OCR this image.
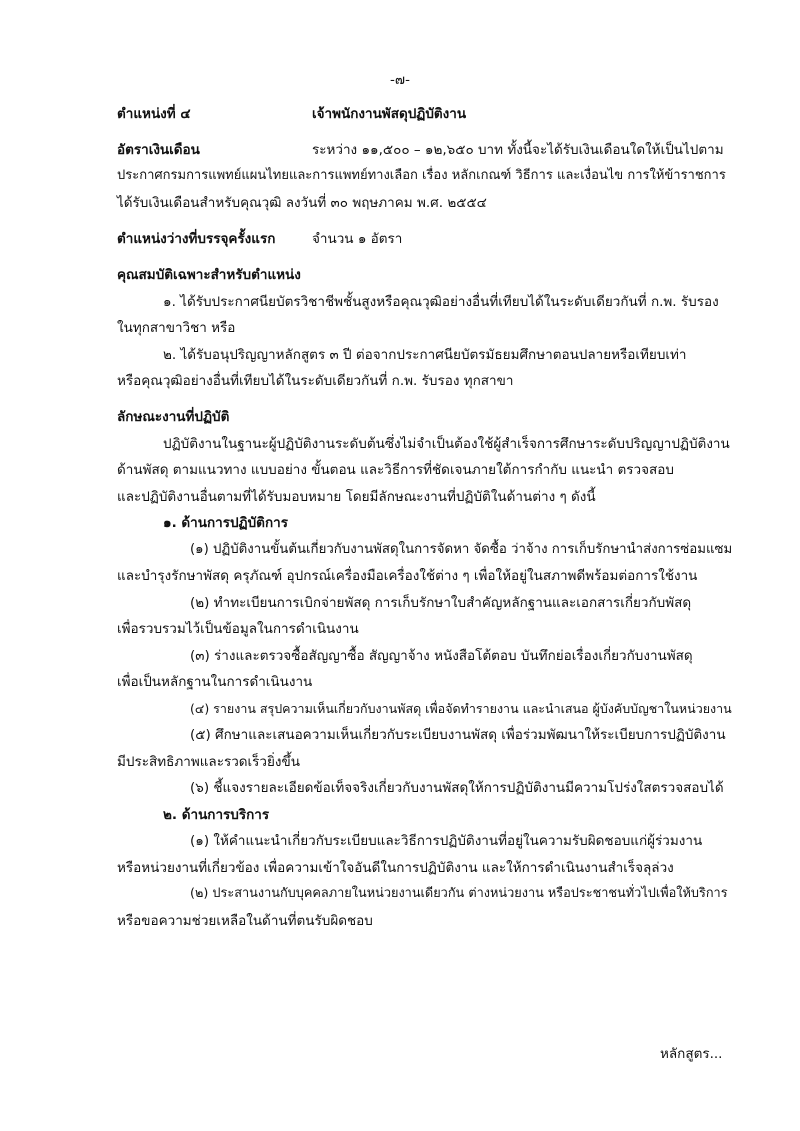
-๗-
ตำแหน่งที่ ๔	เจ้าพนักงานพัสดุปฏิบัติงาน
อัตราเงินเดือน	ระหว่าง ๑๑,๕๐๐ – ๑๒,๖๕๐ บาท ทั้งนี้จะได้รับเงินเดือนใดให้เป็นไปตาม
ประกาศกรมการแพทย์แผนไทยและการแพทย์ทางเลือก เรื่อง หลักเกณฑ์ วิธีการ และเงื่อนไข การให้ข้าราชการ
ได้รับเงินเดือนสำหรับคุณวุฒิ ลงวันที่ ๓๐ พฤษภาคม พ.ศ. ๒๕๕๔
ตำแหน่งว่างที่บรรจุครั้งแรก	จำนวน ๑ อัตรา
คุณสมบัติเฉพาะสำหรับตำแหน่ง
๑. ได้รับประกาศนียบัตรวิชาชีพชั้นสูงหรือคุณวุฒิอย่างอื่นที่เทียบได้ในระดับเดียวกันที่ ก.พ. รับรอง
ในทุกสาขาวิชา หรือ
๒. ได้รับอนุปริญญาหลักสูตร ๓ ปี ต่อจากประกาศนียบัตรมัธยมศึกษาตอนปลายหรือเทียบเท่า
หรือคุณวุฒิอย่างอื่นที่เทียบได้ในระดับเดียวกันที่ ก.พ. รับรอง ทุกสาขา
ลักษณะงานที่ปฏิบัติ
ปฏิบัติงานในฐานะผู้ปฏิบัติงานระดับต้นซึ่งไม่จำเป็นต้องใช้ผู้สำเร็จการศึกษาระดับปริญญาปฏิบัติงาน
ด้านพัสดุ ตามแนวทาง แบบอย่าง ขั้นตอน และวิธีการที่ชัดเจนภายใต้การกำกับ แนะนำ ตรวจสอบ
และปฏิบัติงานอื่นตามที่ได้รับมอบหมาย โดยมีลักษณะงานที่ปฏิบัติในด้านต่าง ๆ ดังนี้
๑. ด้านการปฏิบัติการ
(๑) ปฏิบัติงานขั้นต้นเกี่ยวกับงานพัสดุในการจัดหา จัดซื้อ ว่าจ้าง การเก็บรักษานำส่งการซ่อมแซม
และบำรุงรักษาพัสดุ ครุภัณฑ์ อุปกรณ์เครื่องมือเครื่องใช้ต่าง ๆ เพื่อให้อยู่ในสภาพดีพร้อมต่อการใช้งาน
(๒) ทำทะเบียนการเบิกจ่ายพัสดุ การเก็บรักษาใบสำคัญหลักฐานและเอกสารเกี่ยวกับพัสดุ
เพื่อรวบรวมไว้เป็นข้อมูลในการดำเนินงาน
(๓) ร่างและตรวจซื้อสัญญาซื้อ สัญญาจ้าง หนังสือโต้ตอบ บันทึกย่อเรื่องเกี่ยวกับงานพัสดุ
เพื่อเป็นหลักฐานในการดำเนินงาน
(๔) รายงาน สรุปความเห็นเกี่ยวกับงานพัสดุ เพื่อจัดทำรายงาน และนำเสนอ ผู้บังคับบัญชาในหน่วยงาน
(๕) ศึกษาและเสนอความเห็นเกี่ยวกับระเบียบงานพัสดุ เพื่อร่วมพัฒนาให้ระเบียบการปฏิบัติงาน
มีประสิทธิภาพและรวดเร็วยิ่งขึ้น
(๖) ชี้แจงรายละเอียดข้อเท็จจริงเกี่ยวกับงานพัสดุให้การปฏิบัติงานมีความโปร่งใสตรวจสอบได้
๒. ด้านการบริการ
(๑) ให้คำแนะนำเกี่ยวกับระเบียบและวิธีการปฏิบัติงานที่อยู่ในความรับผิดชอบแก่ผู้ร่วมงาน
หรือหน่วยงานที่เกี่ยวข้อง เพื่อความเข้าใจอันดีในการปฏิบัติงาน และให้การดำเนินงานสำเร็จลุล่วง
(๒) ประสานงานกับบุคคลภายในหน่วยงานเดียวกัน ต่างหน่วยงาน หรือประชาชนทั่วไปเพื่อให้บริการ
หรือขอความช่วยเหลือในด้านที่ตนรับผิดชอบ
หลักสูตร...
